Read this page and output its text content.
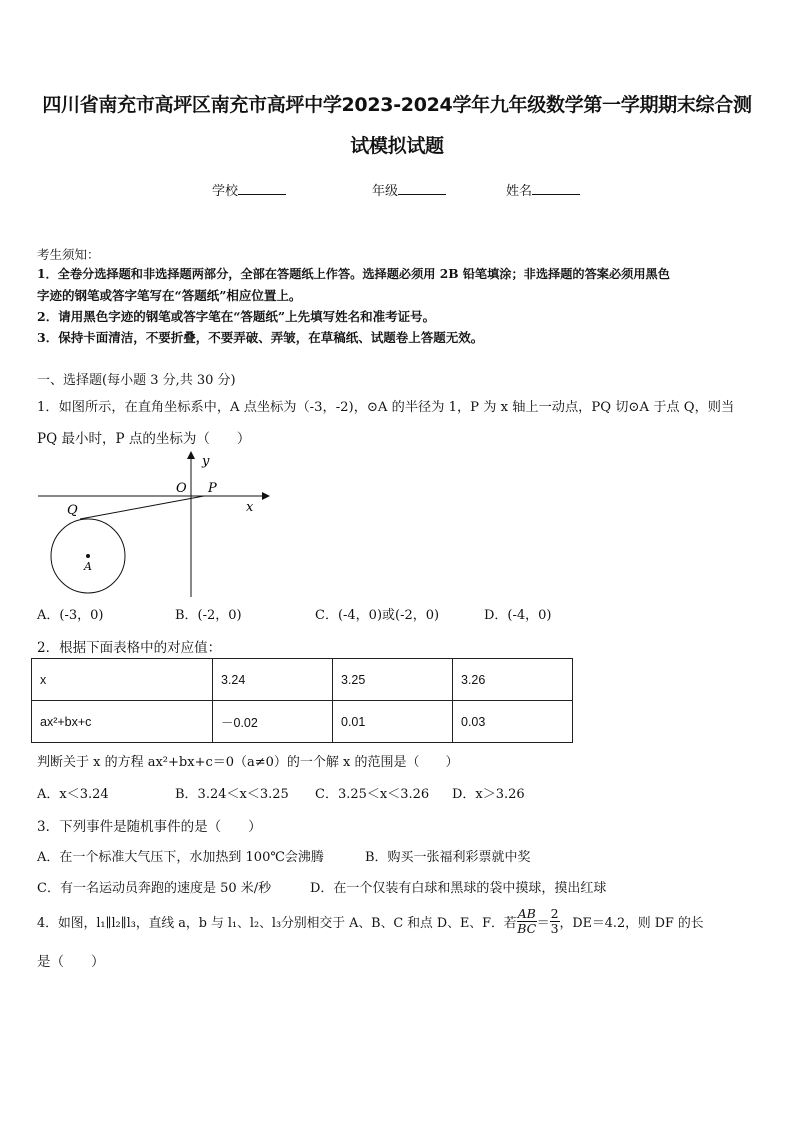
四川省南充市高坪区南充市高坪中学2023-2024学年九年级数学第一学期期末综合测
试模拟试题
学校	年级	姓名
考生须知：
1．全卷分选择题和非选择题两部分，全部在答题纸上作答。选择题必须用 2B 铅笔填涂；非选择题的答案必须用黑色
字迹的钢笔或答字笔写在“答题纸”相应位置上。
2．请用黑色字迹的钢笔或答字笔在“答题纸”上先填写姓名和准考证号。
3．保持卡面清洁，不要折叠，不要弄破、弄皱，在草稿纸、试题卷上答题无效。
一、选择题(每小题 3 分,共 30 分)
1．如图所示，在直角坐标系中，A 点坐标为（-3，-2)，⊙A 的半径为 1，P 为 x 轴上一动点，PQ 切⊙A 于点 Q，则当
PQ 最小时，P 点的坐标为（　　）
y
x
O P
Q
A
A．(-3，0)	B．(-2，0)	C．(-4，0)或(-2，0)	D．(-4，0)
2．根据下面表格中的对应值：
x	3.24	3.25	3.26
ax²+bx+c	－0.02	0.01	0.03
判断关于 x 的方程 ax²+bx+c＝0（a≠0）的一个解 x 的范围是（　　）
A．x＜3.24	B．3.24＜x＜3.25 C．3.25＜x＜3.26 D．x＞3.26
3．下列事件是随机事件的是（　　）
A．在一个标准大气压下，水加热到 100℃会沸腾	B．购买一张福利彩票就中奖
C．有一名运动员奔跑的速度是 50 米/秒	D．在一个仅装有白球和黑球的袋中摸球，摸出红球
4．如图，l₁∥l₂∥l₃，直线 a，b 与 l₁、l₂、l₃分别相交于 A、B、C 和点 D、E、F．若 $\frac{AB}{BC} = \frac{2}{3}$ ，DE＝4.2，则 DF 的长
是（　　）
